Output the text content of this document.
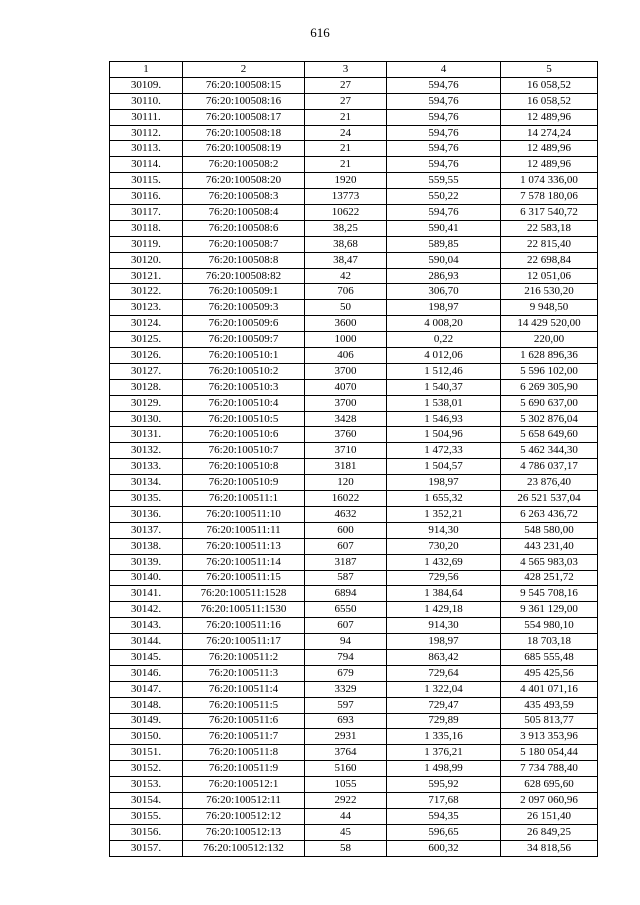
616
1	2	3	4	5
30109.	76:20:100508:15	27	594,76	16 058,52
30110.	76:20:100508:16	27	594,76	16 058,52
30111.	76:20:100508:17	21	594,76	12 489,96
30112.	76:20:100508:18	24	594,76	14 274,24
30113.	76:20:100508:19	21	594,76	12 489,96
30114.	76:20:100508:2	21	594,76	12 489,96
30115.	76:20:100508:20	1920	559,55	1 074 336,00
30116.	76:20:100508:3	13773	550,22	7 578 180,06
30117.	76:20:100508:4	10622	594,76	6 317 540,72
30118.	76:20:100508:6	38,25	590,41	22 583,18
30119.	76:20:100508:7	38,68	589,85	22 815,40
30120.	76:20:100508:8	38,47	590,04	22 698,84
30121.	76:20:100508:82	42	286,93	12 051,06
30122.	76:20:100509:1	706	306,70	216 530,20
30123.	76:20:100509:3	50	198,97	9 948,50
30124.	76:20:100509:6	3600	4 008,20	14 429 520,00
30125.	76:20:100509:7	1000	0,22	220,00
30126.	76:20:100510:1	406	4 012,06	1 628 896,36
30127.	76:20:100510:2	3700	1 512,46	5 596 102,00
30128.	76:20:100510:3	4070	1 540,37	6 269 305,90
30129.	76:20:100510:4	3700	1 538,01	5 690 637,00
30130.	76:20:100510:5	3428	1 546,93	5 302 876,04
30131.	76:20:100510:6	3760	1 504,96	5 658 649,60
30132.	76:20:100510:7	3710	1 472,33	5 462 344,30
30133.	76:20:100510:8	3181	1 504,57	4 786 037,17
30134.	76:20:100510:9	120	198,97	23 876,40
30135.	76:20:100511:1	16022	1 655,32	26 521 537,04
30136.	76:20:100511:10	4632	1 352,21	6 263 436,72
30137.	76:20:100511:11	600	914,30	548 580,00
30138.	76:20:100511:13	607	730,20	443 231,40
30139.	76:20:100511:14	3187	1 432,69	4 565 983,03
30140.	76:20:100511:15	587	729,56	428 251,72
30141.	76:20:100511:1528	6894	1 384,64	9 545 708,16
30142.	76:20:100511:1530	6550	1 429,18	9 361 129,00
30143.	76:20:100511:16	607	914,30	554 980,10
30144.	76:20:100511:17	94	198,97	18 703,18
30145.	76:20:100511:2	794	863,42	685 555,48
30146.	76:20:100511:3	679	729,64	495 425,56
30147.	76:20:100511:4	3329	1 322,04	4 401 071,16
30148.	76:20:100511:5	597	729,47	435 493,59
30149.	76:20:100511:6	693	729,89	505 813,77
30150.	76:20:100511:7	2931	1 335,16	3 913 353,96
30151.	76:20:100511:8	3764	1 376,21	5 180 054,44
30152.	76:20:100511:9	5160	1 498,99	7 734 788,40
30153.	76:20:100512:1	1055	595,92	628 695,60
30154.	76:20:100512:11	2922	717,68	2 097 060,96
30155.	76:20:100512:12	44	594,35	26 151,40
30156.	76:20:100512:13	45	596,65	26 849,25
30157.	76:20:100512:132	58	600,32	34 818,56
